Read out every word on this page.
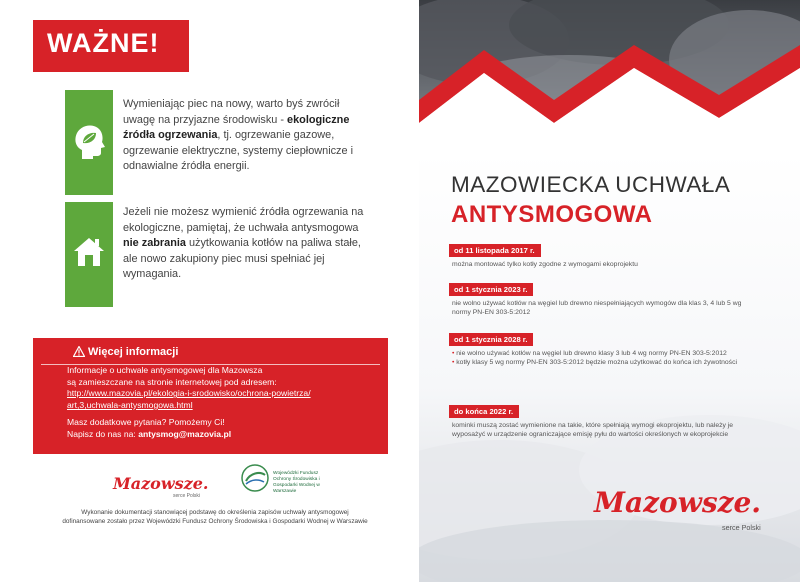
WAŻNE!
Wymieniając piec na nowy, warto byś zwrócił uwagę na przyjazne środowisku - ekologiczne źródła ogrzewania, tj. ogrzewanie gazowe, ogrzewanie elektryczne, systemy ciepłownicze i odnawialne źródła energii.
Jeżeli nie możesz wymienić źródła ogrzewania na ekologiczne, pamiętaj, że uchwała antysmogowa nie zabrania użytkowania kotłów na paliwa stałe, ale nowo zakupiony piec musi spełniać jej wymagania.
Więcej informacji
Informacje o uchwale antysmogowej dla Mazowsza
są zamieszczane na stronie internetowej pod adresem:
http://www.mazovia.pl/ekologia-i-srodowisko/ochrona-powietrza/
art,3,uchwala-antysmogowa.html
Masz dodatkowe pytania? Pomożemy Ci!
Napisz do nas na: antysmog@mazovia.pl
Mazowsze.
serce Polski
Wojewódzki Fundusz Ochrony Środowiska i Gospodarki Wodnej w Warszawie
Wykonanie dokumentacji stanowiącej podstawę do określenia zapisów uchwały antysmogowej
dofinansowane zostało przez Wojewódzki Fundusz Ochrony Środowiska i Gospodarki Wodnej w Warszawie
MAZOWIECKA UCHWAŁA
ANTYSMOGOWA
od 11 listopada 2017 r.
można montować tylko kotły zgodne z wymogami ekoprojektu
od 1 stycznia 2023 r.
nie wolno używać kotłów na węgiel lub drewno niespełniających wymogów dla klas 3, 4 lub 5 wg normy PN-EN 303-5:2012
od 1 stycznia 2028 r.
• nie wolno używać kotłów na węgiel lub drewno klasy 3 lub 4 wg normy PN-EN 303-5:2012
• kotły klasy 5 wg normy PN-EN 303-5:2012 będzie można użytkować do końca ich żywotności
do końca 2022 r.
kominki muszą zostać wymienione na takie, które spełniają wymogi ekoprojektu, lub należy je wyposażyć w urządzenie ograniczające emisję pyłu do wartości określonych w ekoprojekcie
Mazowsze.
serce Polski
